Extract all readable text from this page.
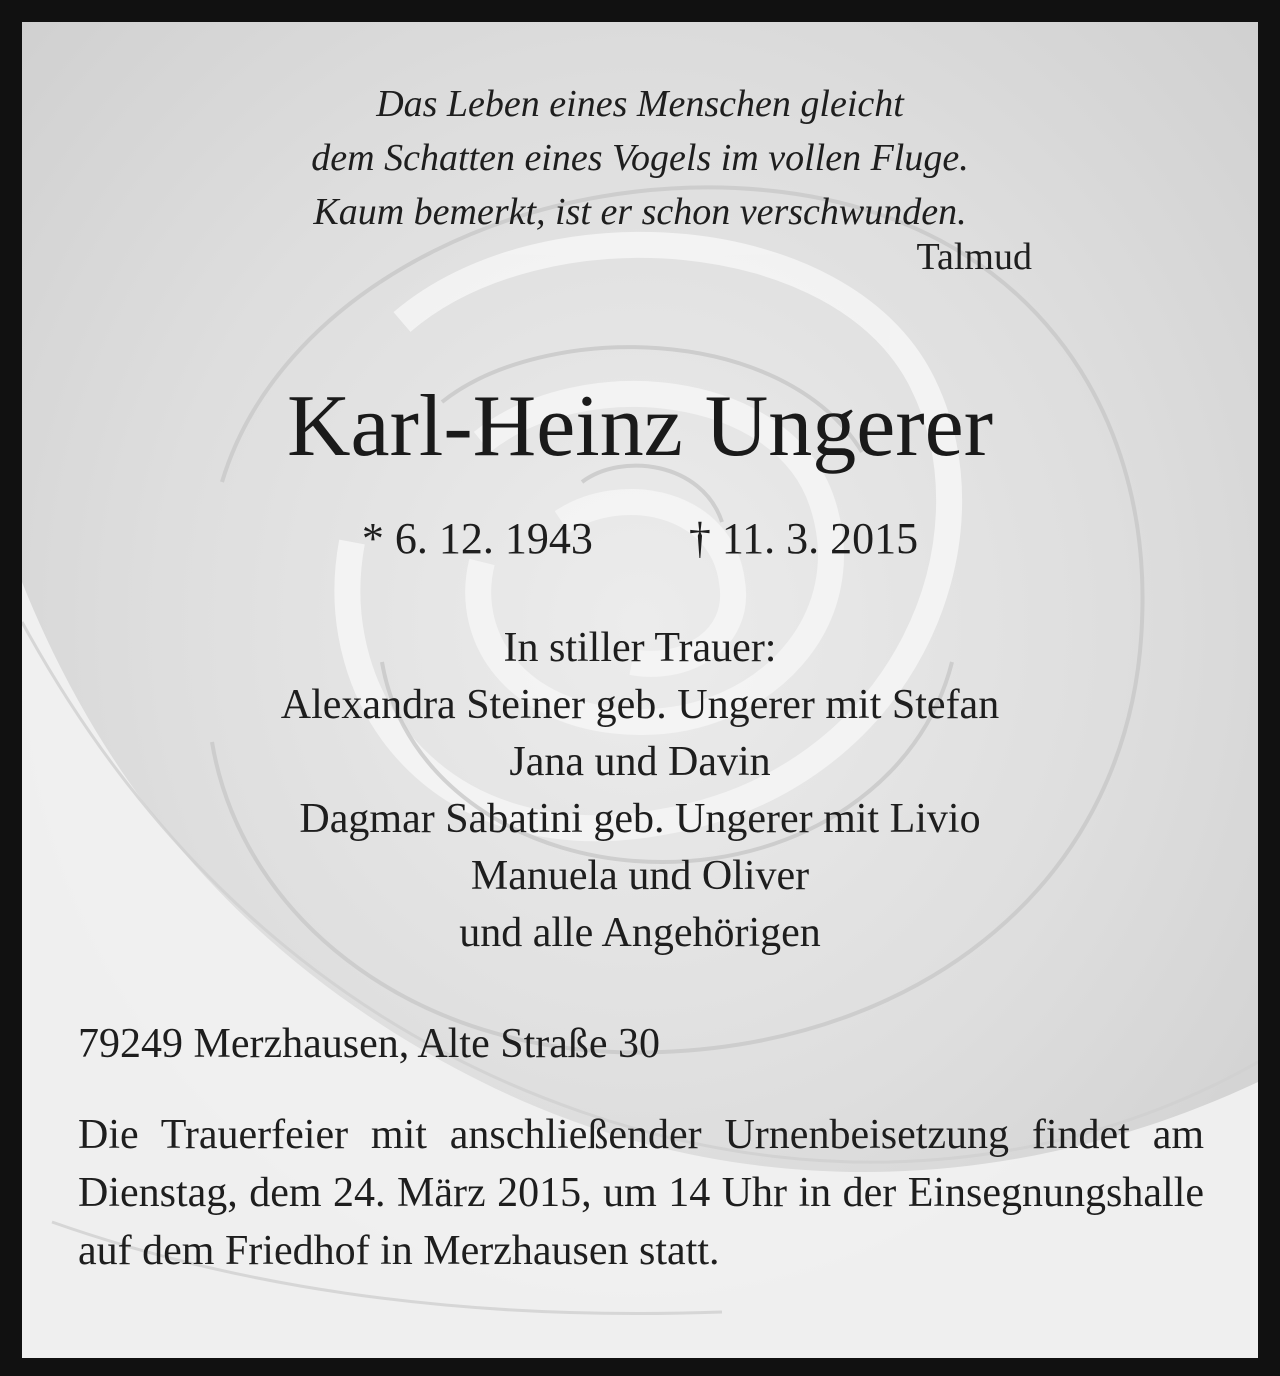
Das Leben eines Menschen gleicht
dem Schatten eines Vogels im vollen Fluge.
Kaum bemerkt, ist er schon verschwunden.
Talmud
Karl-Heinz Ungerer
* 6. 12. 1943 † 11. 3. 2015
In stiller Trauer:
Alexandra Steiner geb. Ungerer mit Stefan
Jana und Davin
Dagmar Sabatini geb. Ungerer mit Livio
Manuela und Oliver
und alle Angehörigen
79249 Merzhausen, Alte Straße 30
Die Trauerfeier mit anschließender Urnenbeisetzung findet am Dienstag, dem 24. März 2015, um 14 Uhr in der Einsegnungshalle auf dem Friedhof in Merzhausen statt.
